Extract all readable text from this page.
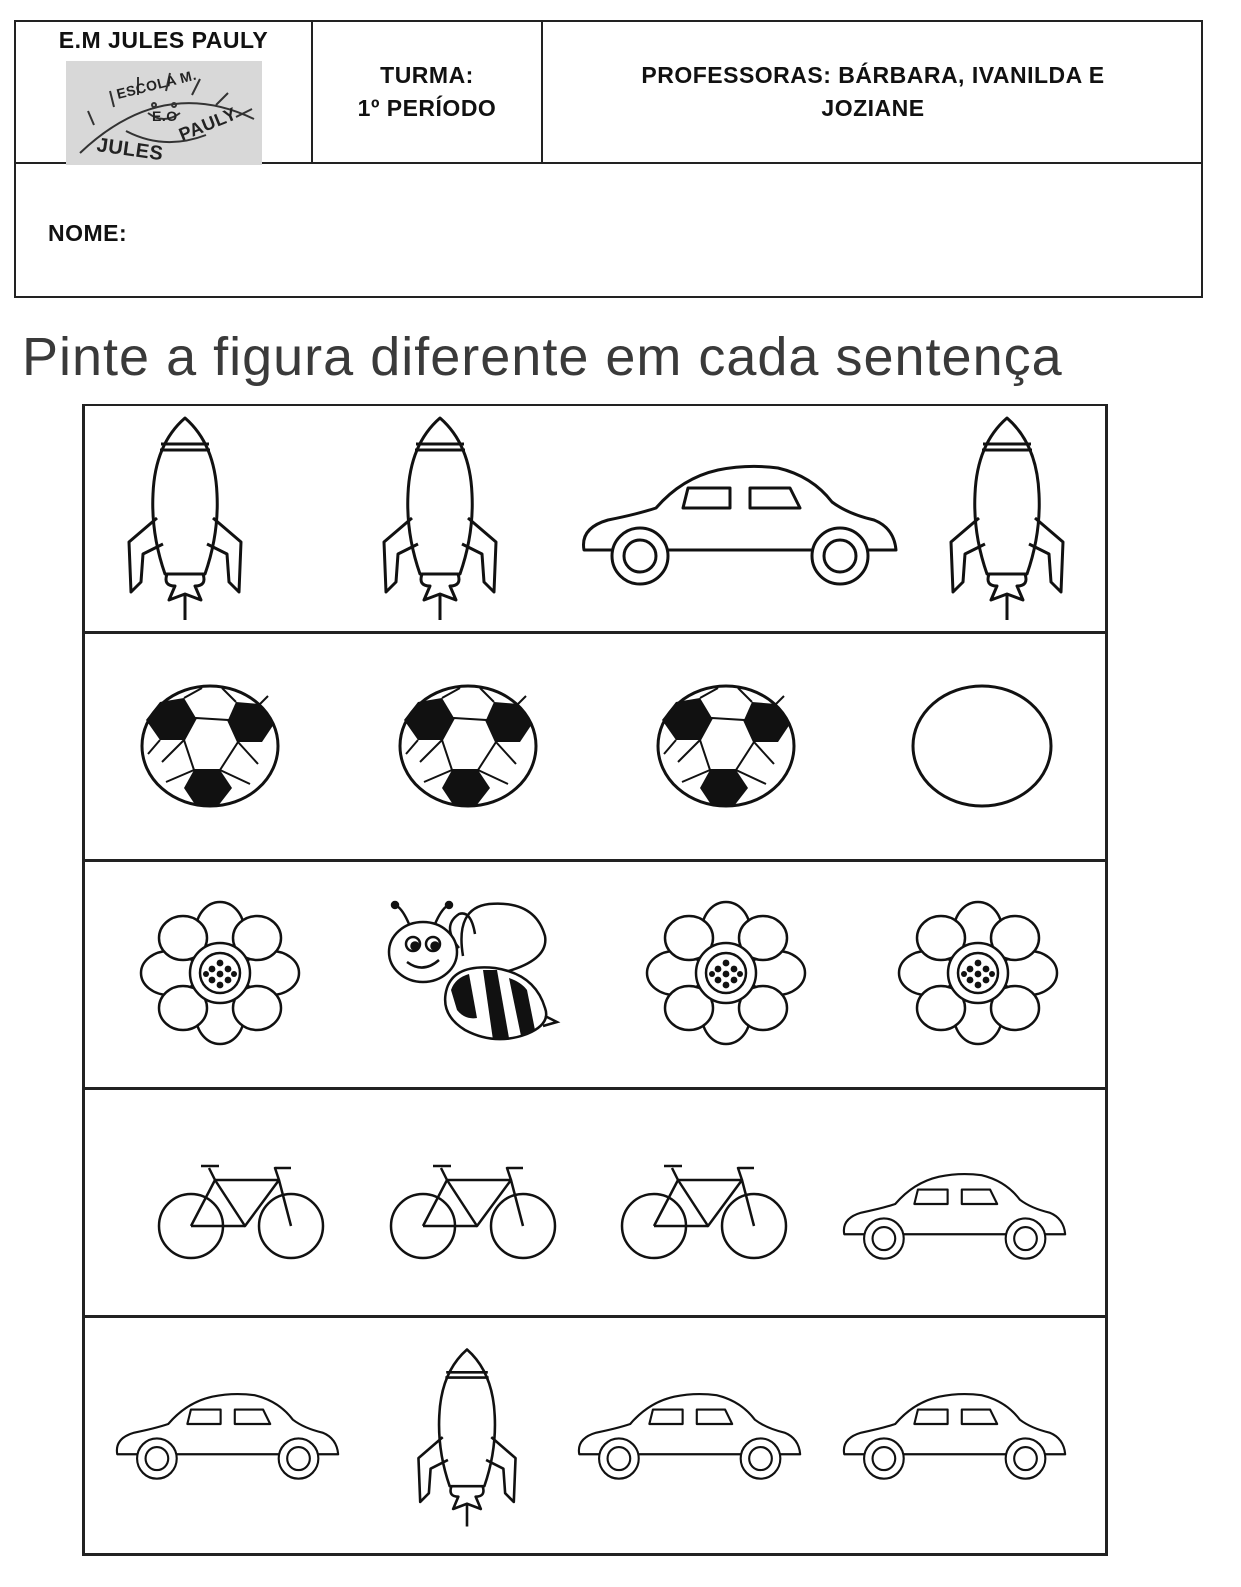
E.M JULES PAULY
ESCOLA M.
E.O
JULES
PAULY
TURMA:
1º PERÍODO
PROFESSORAS: BÁRBARA, IVANILDA E
JOZIANE
NOME:
Pinte a figura diferente em cada sentença
